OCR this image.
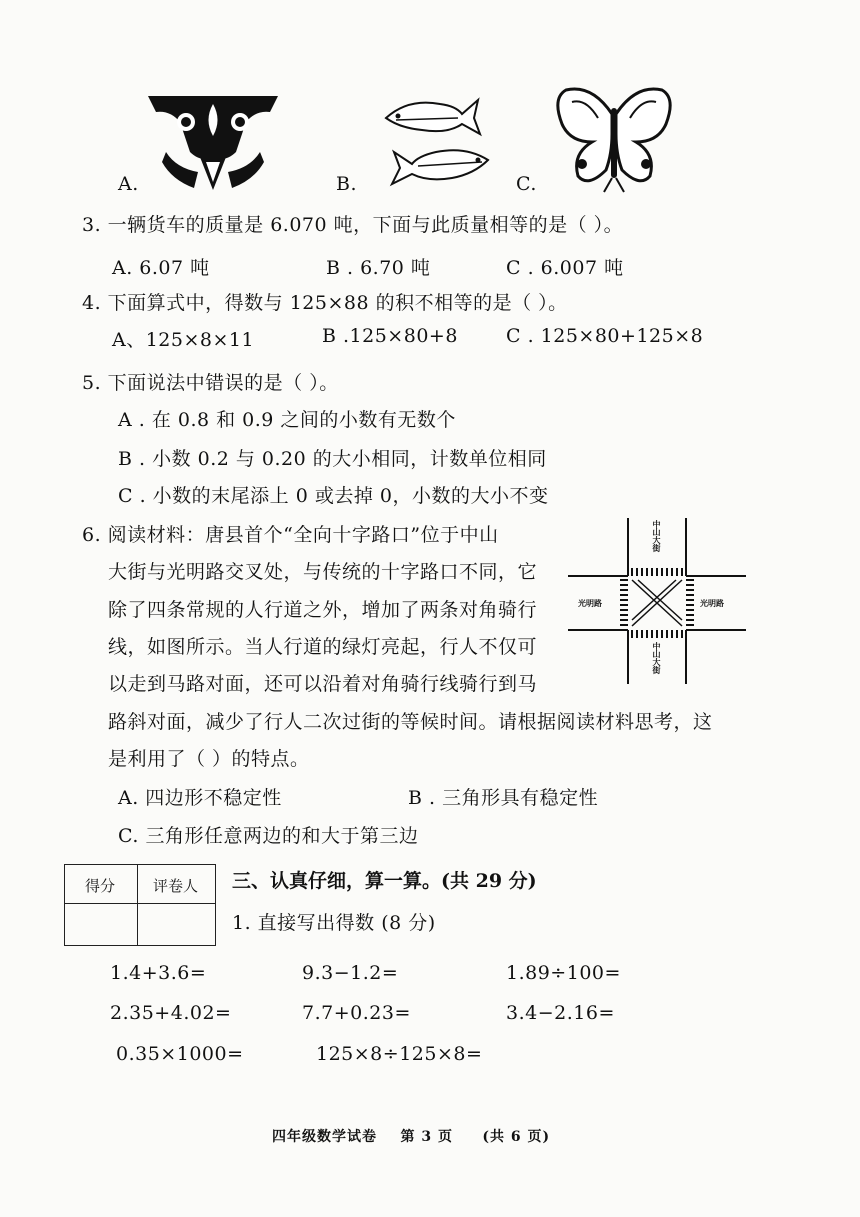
A.	B.	C.
3. 一辆货车的质量是 6.070 吨，下面与此质量相等的是（ ）。
A. 6.07 吨	B . 6.70 吨	C . 6.007 吨
4. 下面算式中，得数与 125×88 的积不相等的是（ ）。
A、125×8×11	B .125×80+8	C . 125×80+125×8
5. 下面说法中错误的是（ ）。
A . 在 0.8 和 0.9 之间的小数有无数个
B . 小数 0.2 与 0.20 的大小相同，计数单位相同
C . 小数的末尾添上 0 或去掉 0，小数的大小不变
6. 阅读材料：唐县首个“全向十字路口”位于中山
大街与光明路交叉处，与传统的十字路口不同，它
除了四条常规的人行道之外，增加了两条对角骑行
线，如图所示。当人行道的绿灯亮起，行人不仅可
以走到马路对面，还可以沿着对角骑行线骑行到马
路斜对面，减少了行人二次过街的等候时间。请根据阅读材料思考，这
是利用了（ ）的特点。
中山大街
中山大街
光明路	光明路
A. 四边形不稳定性	B . 三角形具有稳定性
C. 三角形任意两边的和大于第三边
得分	评卷人 三、认真仔细，算一算。(共 29 分)
1. 直接写出得数 (8 分)
1.4+3.6=	9.3−1.2=	1.89÷100=
2.35+4.02=	7.7+0.23=	3.4−2.16=
0.35×1000=	125×8÷125×8=
四年级数学试卷    第 3 页     (共 6 页)
